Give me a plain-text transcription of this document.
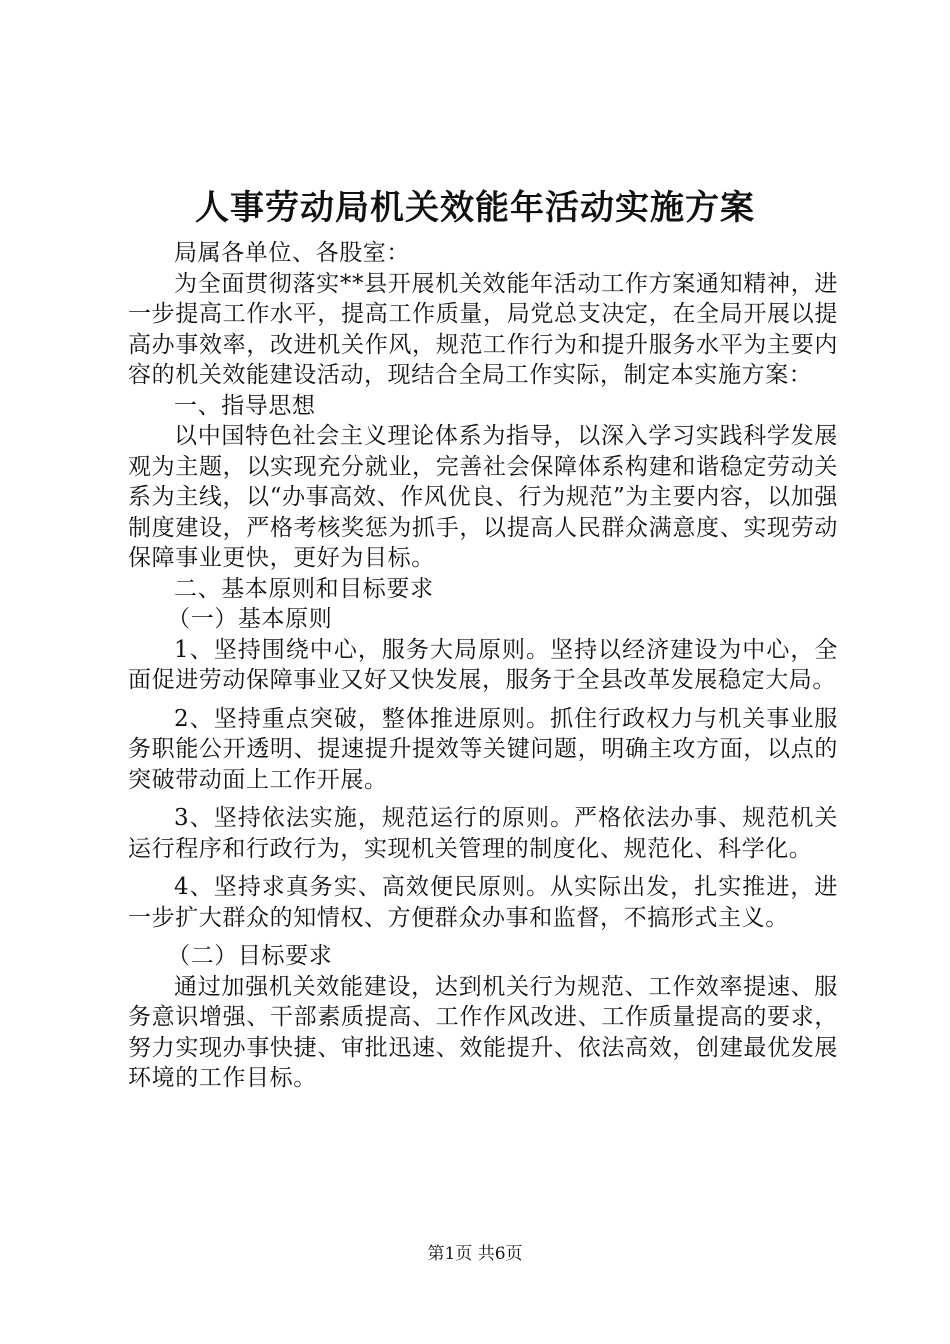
人事劳动局机关效能年活动实施方案

局属各单位、各股室：

为全面贯彻落实**县开展机关效能年活动工作方案通知精神，进一步提高工作水平，提高工作质量，局党总支决定，在全局开展以提高办事效率，改进机关作风，规范工作行为和提升服务水平为主要内容的机关效能建设活动，现结合全局工作实际，制定本实施方案：

一、指导思想

以中国特色社会主义理论体系为指导，以深入学习实践科学发展观为主题，以实现充分就业，完善社会保障体系构建和谐稳定劳动关系为主线，以“办事高效、作风优良、行为规范”为主要内容，以加强制度建设，严格考核奖惩为抓手，以提高人民群众满意度、实现劳动保障事业更快，更好为目标。

二、基本原则和目标要求

（一）基本原则

1、坚持围绕中心，服务大局原则。坚持以经济建设为中心，全面促进劳动保障事业又好又快发展，服务于全县改革发展稳定大局。

2、坚持重点突破，整体推进原则。抓住行政权力与机关事业服务职能公开透明、提速提升提效等关键问题，明确主攻方面，以点的突破带动面上工作开展。

3、坚持依法实施，规范运行的原则。严格依法办事、规范机关运行程序和行政行为，实现机关管理的制度化、规范化、科学化。

4、坚持求真务实、高效便民原则。从实际出发，扎实推进，进一步扩大群众的知情权、方便群众办事和监督，不搞形式主义。

（二）目标要求

通过加强机关效能建设，达到机关行为规范、工作效率提速、服务意识增强、干部素质提高、工作作风改进、工作质量提高的要求，努力实现办事快捷、审批迅速、效能提升、依法高效，创建最优发展环境的工作目标。

第1页 共6页
